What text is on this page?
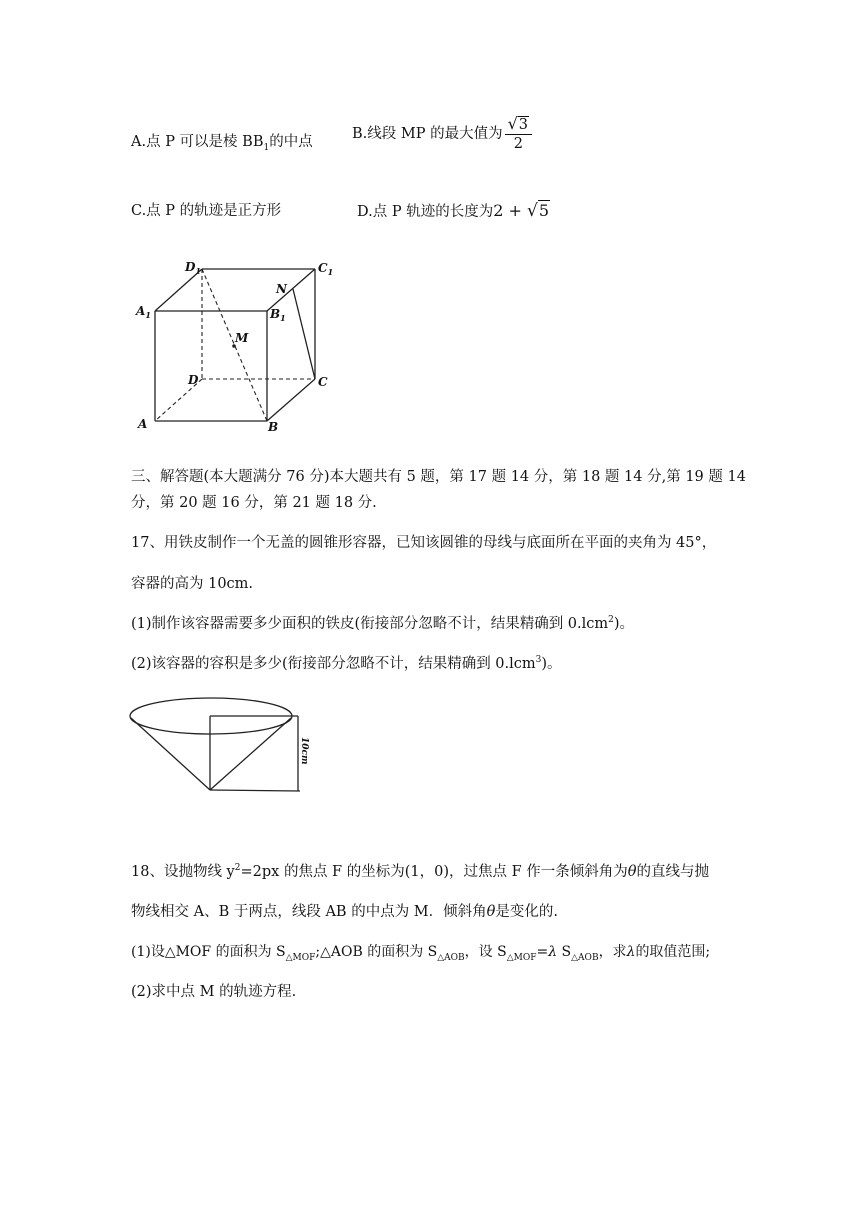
A.点 P 可以是棱 $BB_1$的中点	B.线段 MP 的最大值为 $\frac{√3}{2}$
C.点 P 的轨迹是正方形	D.点 P 轨迹的长度为2 + √5
$D_1$	$C_1$
$A_1$	$B_1$
N
M
D	C
A	B
三、解答题(本大题满分 76 分)本大题共有 5 题，第 17 题 14 分，第 18 题 14 分,第 19 题 14
分，第 20 题 16 分，第 21 题 18 分.
17、用铁皮制作一个无盖的圆锥形容器，已知该圆锥的母线与底面所在平面的夹角为 45°，
容器的高为 10cm.
(1)制作该容器需要多少面积的铁皮(衔接部分忽略不计，结果精确到 0.lcm$^2$)。
(2)该容器的容积是多少(衔接部分忽略不计，结果精确到 0.lcm$^3$)。
10cm
18、设抛物线 $y^2=2px$ 的焦点 F 的坐标为(1，0)，过焦点 F 作一条倾斜角为θ的直线与抛
物线相交 A、B 于两点，线段 AB 的中点为 M．倾斜角θ是变化的.
(1)设△MOF 的面积为 $S_{\triangle MOF};\triangle AOB$ 的面积为 $S_{\triangle AOB}$，设 $S_{\triangle MOF}=\lambda$ $S_{\triangle AOB}$，求λ的取值范围;
(2)求中点 M 的轨迹方程.
